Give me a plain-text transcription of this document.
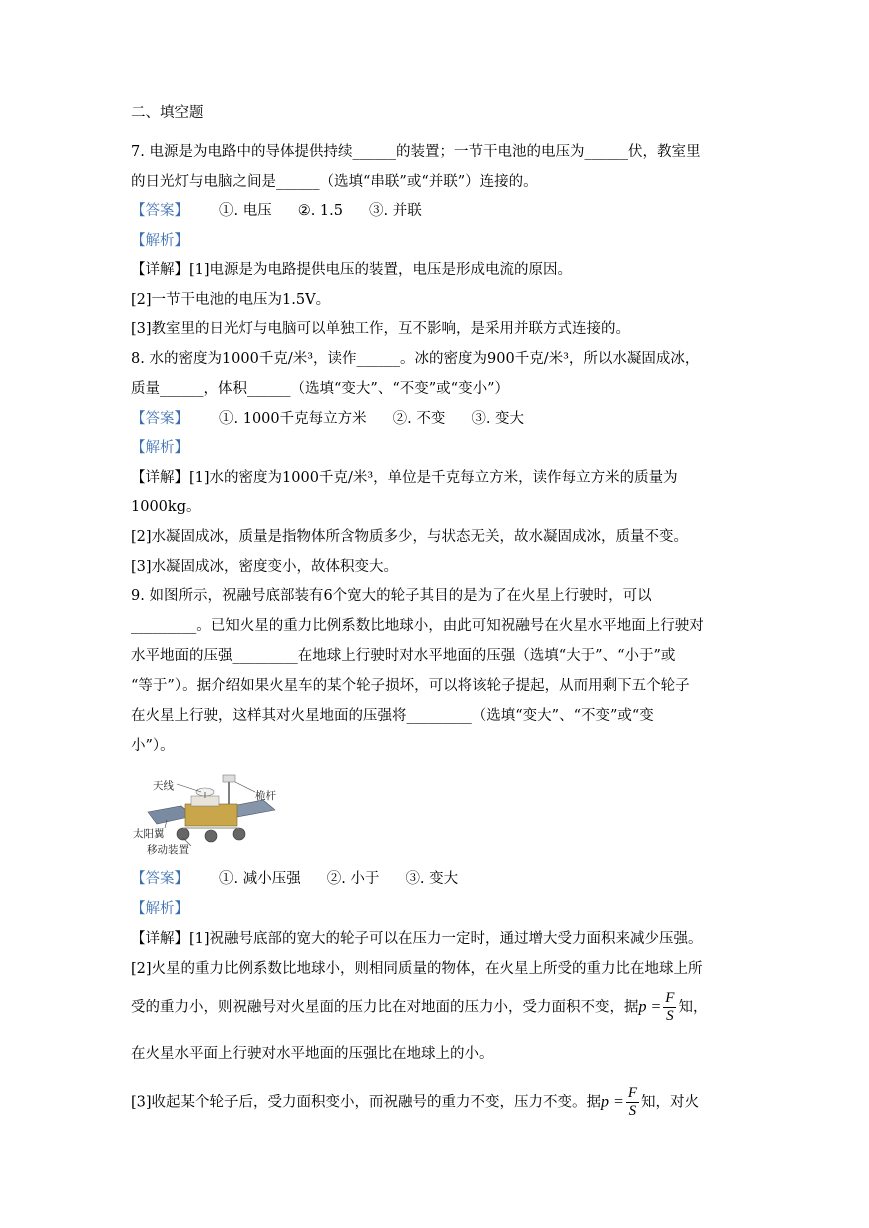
二、填空题
7. 电源是为电路中的导体提供持续______的装置；一节干电池的电压为______伏，教室里
的日光灯与电脑之间是______（选填“串联”或“并联”）连接的。
【答案】 ①. 电压 ②. 1.5 ③. 并联
【解析】
【详解】[1]电源是为电路提供电压的装置，电压是形成电流的原因。
[2]一节干电池的电压为1.5V。
[3]教室里的日光灯与电脑可以单独工作，互不影响，是采用并联方式连接的。
8. 水的密度为1000千克/米³，读作______。冰的密度为900千克/米³，所以水凝固成冰，
质量______，体积______（选填“变大”、“不变”或“变小”）
【答案】 ①. 1000千克每立方米 ②. 不变 ③. 变大
【解析】
【详解】[1]水的密度为1000千克/米³，单位是千克每立方米，读作每立方米的质量为
1000kg。
[2]水凝固成冰，质量是指物体所含物质多少，与状态无关，故水凝固成冰，质量不变。
[3]水凝固成冰，密度变小，故体积变大。
9. 如图所示，祝融号底部装有6个宽大的轮子其目的是为了在火星上行驶时，可以
_________。已知火星的重力比例系数比地球小，由此可知祝融号在火星水平地面上行驶对
水平地面的压强_________在地球上行驶时对水平地面的压强（选填“大于”、“小于”或
“等于”）。据介绍如果火星车的某个轮子损坏，可以将该轮子提起，从而用剩下五个轮子
在火星上行驶，这样其对火星地面的压强将_________（选填“变大”、“不变”或“变
小”）。
天线
桅杆
太阳翼
移动装置
【答案】 ①. 减小压强 ②. 小于 ③. 变大
【解析】
【详解】[1]祝融号底部的宽大的轮子可以在压力一定时，通过增大受力面积来减少压强。
[2]火星的重力比例系数比地球小，则相同质量的物体，在火星上所受的重力比在地球上所
受的重力小，则祝融号对火星面的压力比在对地面的压力小，受力面积不变，据$p = \frac{F}{S}$ 知，
在火星水平面上行驶对水平地面的压强比在地球上的小。
[3]收起某个轮子后，受力面积变小，而祝融号的重力不变，压力不变。据$p = \frac{F}{S}$ 知，对火
